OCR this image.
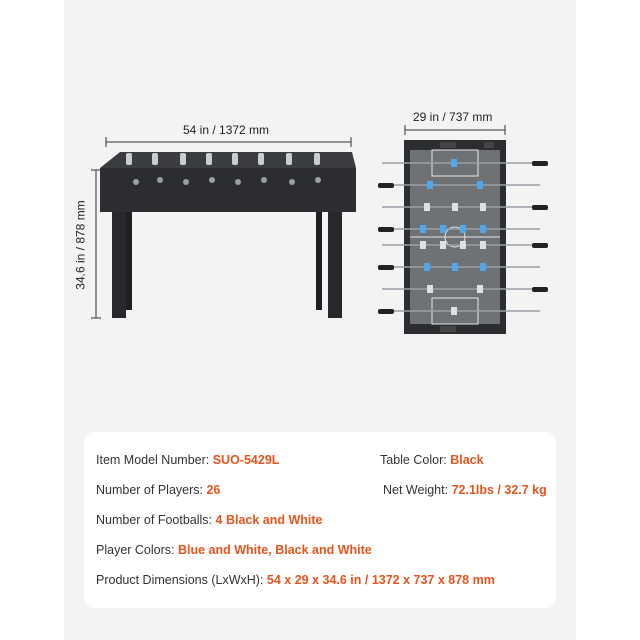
54 in / 1372 mm
34.6 in / 878 mm
29 in / 737 mm
Item Model Number: SUO-5429L	Table Color: Black
Number of Players: 26	Net Weight: 72.1lbs / 32.7 kg
Number of Footballs: 4 Black and White
Player Colors: Blue and White, Black and White
Product Dimensions (LxWxH): 54 x 29 x 34.6 in / 1372 x 737 x 878 mm
